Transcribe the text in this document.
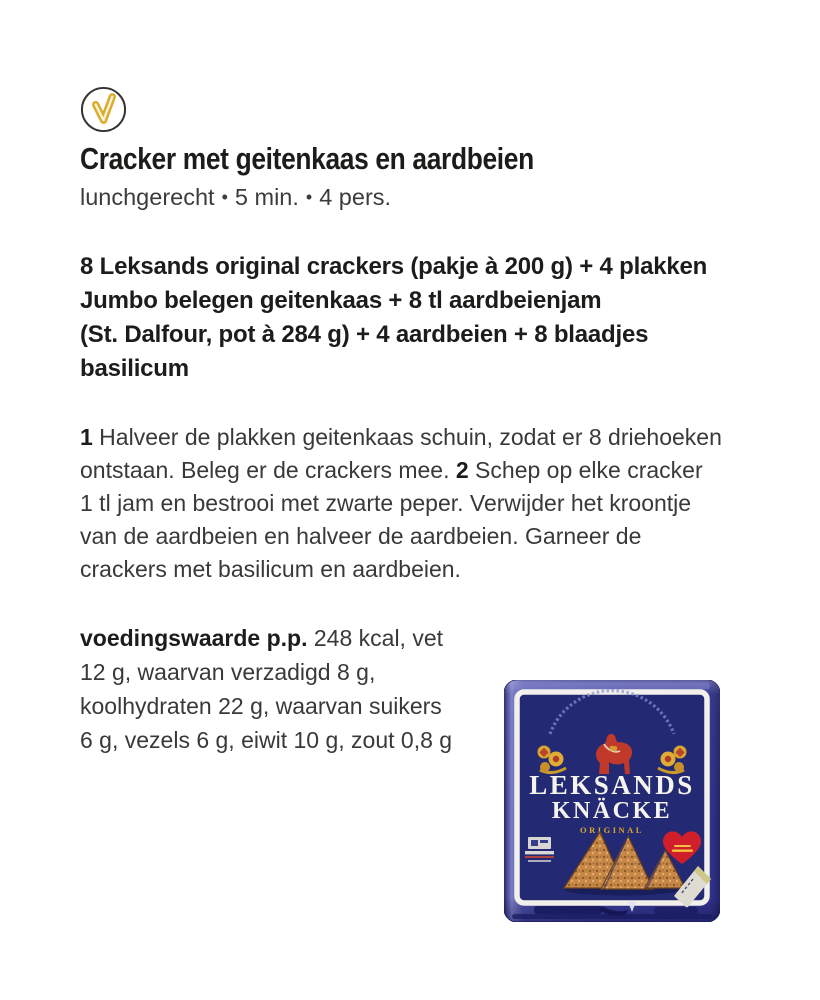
Cracker met geitenkaas en aardbeien
lunchgerecht • 5 min. • 4 pers.
8 Leksands original crackers (pakje à 200 g) + 4 plakken
Jumbo belegen geitenkaas + 8 tl aardbeienjam
(St. Dalfour, pot à 284 g) + 4 aardbeien + 8 blaadjes
basilicum
1 Halveer de plakken geitenkaas schuin, zodat er 8 driehoeken
ontstaan. Beleg er de crackers mee. 2 Schep op elke cracker
1 tl jam en bestrooi met zwarte peper. Verwijder het kroontje
van de aardbeien en halveer de aardbeien. Garneer de
crackers met basilicum en aardbeien.
voedingswaarde p.p. 248 kcal, vet
12 g, waarvan verzadigd 8 g,
koolhydraten 22 g, waarvan suikers
6 g, vezels 6 g, eiwit 10 g, zout 0,8 g
LEKSANDS
KNÄCKE
ORIGINAL
